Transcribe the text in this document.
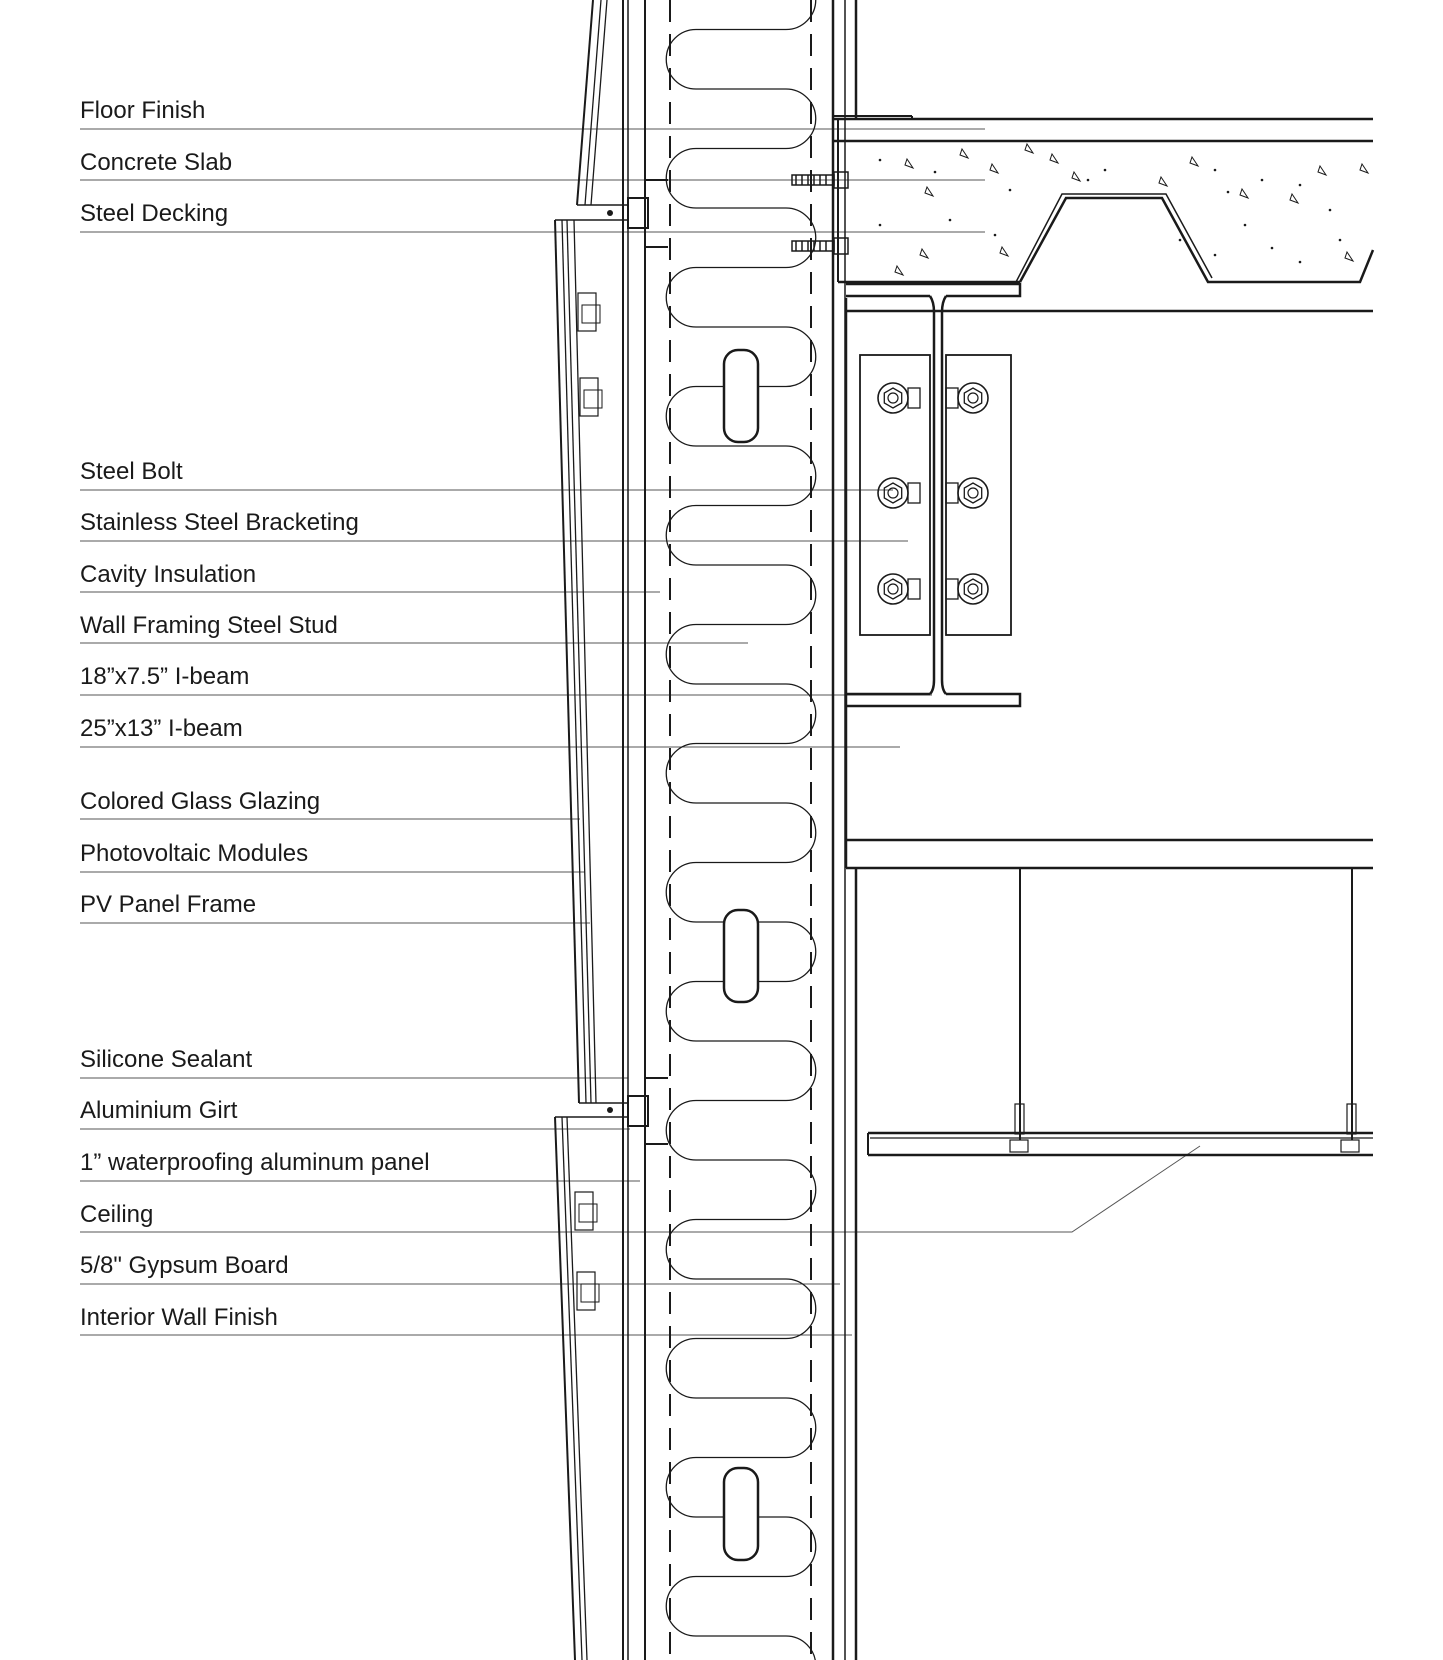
Floor Finish
Concrete Slab
Steel Decking
Steel Bolt
Stainless Steel Bracketing
Cavity Insulation
Wall Framing Steel Stud
18”x7.5” I-beam
25”x13” I-beam
Colored Glass Glazing
Photovoltaic Modules
PV Panel Frame
Silicone Sealant
Aluminium Girt
1” waterproofing aluminum panel
Ceiling
5/8" Gypsum Board
Interior Wall Finish
